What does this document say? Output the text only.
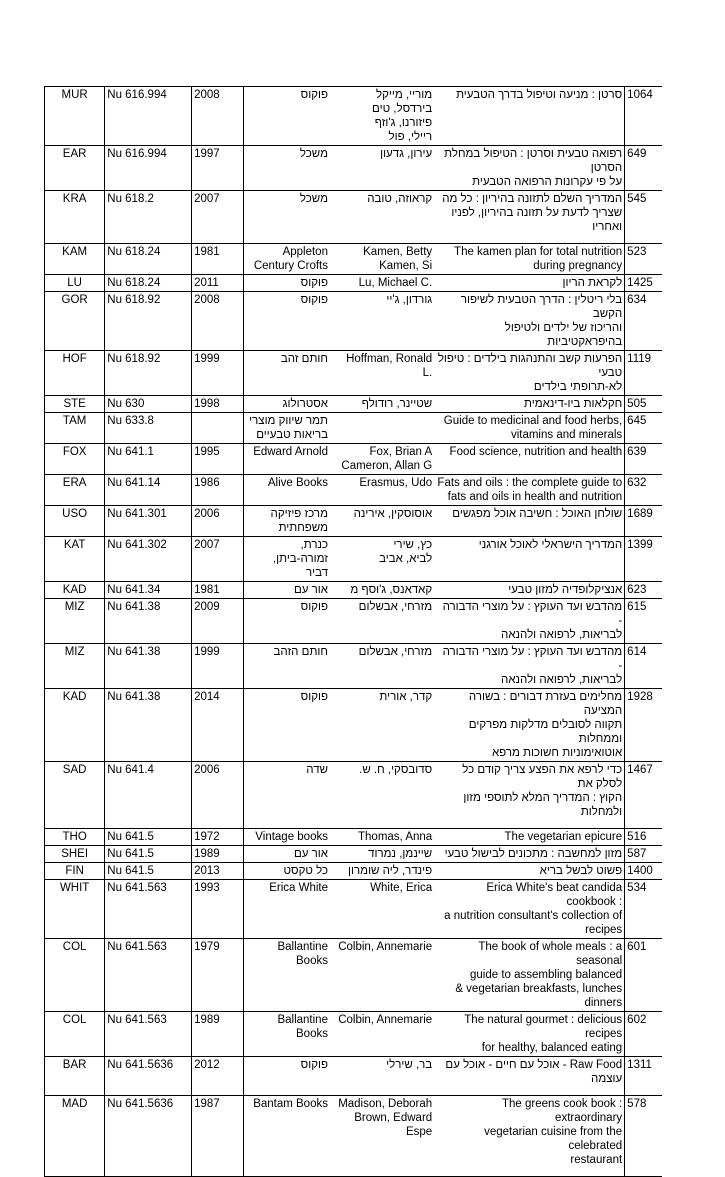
MUR	Nu 616.994	2008	פוקוס	מוריי, מייקל
בירדסל, טים
פיזורנו, ג'וזף
ריילי, פול	סרטן : מניעה וטיפול בדרך הטבעית	1064
EAR	Nu 616.994	1997	משכל	עירון, גדעון	רפואה טבעית וסרטן : הטיפול במחלת הסרטן
על פי עקרונות הרפואה הטבעית	649
KRA	Nu 618.2	2007	משכל	קראוזה, טובה	המדריך השלם לתזונה בהיריון : כל מה
שצריך לדעת על תזונה בהיריון, לפניו ואחריו	545
KAM	Nu 618.24	1981	Appleton
Century Crofts	Kamen, Betty
Kamen, Si	The kamen plan for total nutrition
during pregnancy	523
LU	Nu 618.24	2011	פוקוס	Lu, Michael C.	לקראת הריון	1425
GOR	Nu 618.92	2008	פוקוס	גורדון, ג'יי	בלי ריטלין : הדרך הטבעית לשיפור הקשב
והריכוז של ילדים ולטיפול בהיפראקטיביות	634
HOF	Nu 618.92	1999	חותם זהב	Hoffman, Ronald
L.	הפרעות קשב והתנהגות בילדים : טיפול טבעי
לא-תרופתי בילדים	1119
STE	Nu 630	1998	אסטרולוג	שטיינר, רודולף	חקלאות ביו-דינאמית	505
TAM	Nu 633.8		תמר שיווק מוצרי
בריאות טבעיים		Guide to medicinal and food herbs,
vitamins and minerals	645
FOX	Nu 641.1	1995	Edward Arnold	Fox, Brian A
Cameron, Allan G	Food science, nutrition and health	639
ERA	Nu 641.14	1986	Alive Books	Erasmus, Udo	Fats and oils : the complete guide to
fats and oils in health and nutrition	632
USO	Nu 641.301	2006	מרכז פיזיקה
משפחתית	אוסוסקין, אירינה	שולחן האוכל : חשיבה אוכל מפגשים	1689
KAT	Nu 641.302	2007	כנרת, זמורה-ביתן,
דביר	כץ, שירי
לביא, אביב	המדריך הישראלי לאוכל אורגני	1399
KAD	Nu 641.34	1981	אור עם	קאדאנס, ג'וסף מ	אנציקלופדיה למזון טבעי	623
MIZ	Nu 641.38	2009	פוקוס	מזרחי, אבשלום	מהדבש ועד העוקץ : על מוצרי הדבורה -
לבריאות, לרפואה ולהנאה	615
MIZ	Nu 641.38	1999	חותם הזהב	מזרחי, אבשלום	מהדבש ועד העוקץ : על מוצרי הדבורה -
לבריאות, לרפואה ולהנאה	614
KAD	Nu 641.38	2014	פוקוס	קדר, אורית	מחלימים בעזרת דבורים : בשורה המציעה
תקווה לסובלים מדלקות מפרקים וממחלות
אוטואימוניות חשוכות מרפא	1928
SAD	Nu 641.4	2006	שדה	סדובסקי, ח. ש.	כדי לרפא את הפצע צריך קודם כל לסלק את
הקוץ : המדריך המלא לתוספי מזון ולמחלות	1467
THO	Nu 641.5	1972	Vintage books	Thomas, Anna	The vegetarian epicure	516
SHEI	Nu 641.5	1989	אור עם	שיינמן, נמרוד	מזון למחשבה : מתכונים לבישול טבעי	587
FIN	Nu 641.5	2013	כל טקסט	פינדר, ליה שומרון	פשוט לבשל בריא	1400
WHIT	Nu 641.563	1993	Erica White	White, Erica	Erica White's beat candida cookbook :
a nutrition consultant's collection of
recipes	534
COL	Nu 641.563	1979	Ballantine Books	Colbin, Annemarie	The book of whole meals : a seasonal
guide to assembling balanced
& vegetarian breakfasts, lunches
dinners	601
COL	Nu 641.563	1989	Ballantine Books	Colbin, Annemarie	The natural gourmet : delicious recipes
for healthy, balanced eating	602
BAR	Nu 641.5636	2012	פוקוס	בר, שירלי	Raw Food - אוכל עם חיים - אוכל עם עוצמה	1311
MAD	Nu 641.5636	1987	Bantam Books	Madison, Deborah
Brown, Edward
Espe	The greens cook book : extraordinary
vegetarian cuisine from the celebrated
restaurant	578
